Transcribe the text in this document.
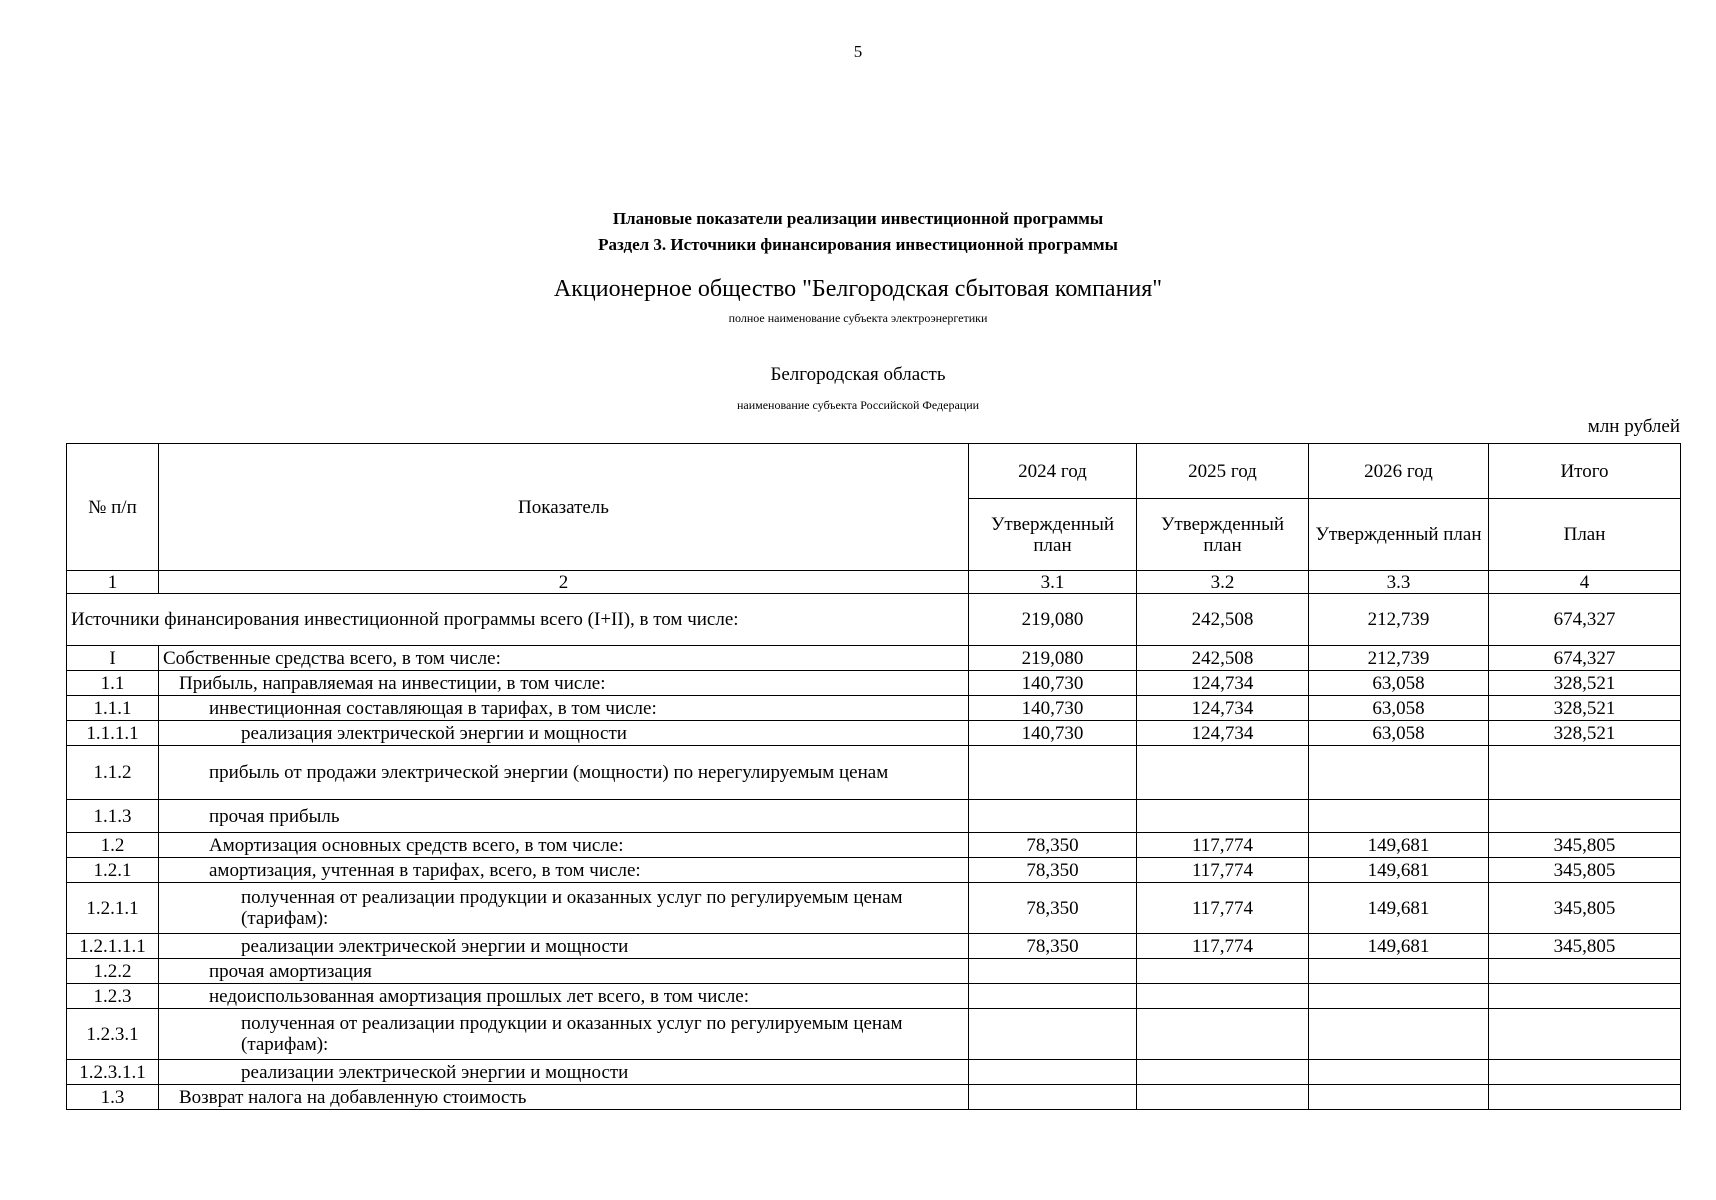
5
Плановые показатели реализации инвестиционной программы
Раздел 3. Источники финансирования инвестиционной программы
Акционерное общество "Белгородская сбытовая компания"
полное наименование субъекта электроэнергетики
Белгородская область
наименование субъекта Российской Федерации
млн рублей
№ п/п	Показатель	2024 год	2025 год	2026 год	Итого
		Утвержденный план	Утвержденный план	Утвержденный план	План
1	2	3.1	3.2	3.3	4
Источники финансирования инвестиционной программы всего (I+II), в том числе:		219,080	242,508	212,739	674,327
I	Собственные средства всего, в том числе:	219,080	242,508	212,739	674,327
1.1	Прибыль, направляемая на инвестиции, в том числе:	140,730	124,734	63,058	328,521
1.1.1	инвестиционная составляющая в тарифах, в том числе:	140,730	124,734	63,058	328,521
1.1.1.1	реализация электрической энергии и мощности	140,730	124,734	63,058	328,521
1.1.2	прибыль от продажи электрической энергии (мощности) по нерегулируемым ценам				
1.1.3	прочая прибыль				
1.2	Амортизация основных средств всего, в том числе:	78,350	117,774	149,681	345,805
1.2.1	амортизация, учтенная в тарифах, всего, в том числе:	78,350	117,774	149,681	345,805
1.2.1.1	полученная от реализации продукции и оказанных услуг по регулируемым ценам (тарифам):	78,350	117,774	149,681	345,805
1.2.1.1.1	реализации электрической энергии и мощности	78,350	117,774	149,681	345,805
1.2.2	прочая амортизация				
1.2.3	недоиспользованная амортизация прошлых лет всего, в том числе:				
1.2.3.1	полученная от реализации продукции и оказанных услуг по регулируемым ценам (тарифам):				
1.2.3.1.1	реализации электрической энергии и мощности				
1.3	Возврат налога на добавленную стоимость				
